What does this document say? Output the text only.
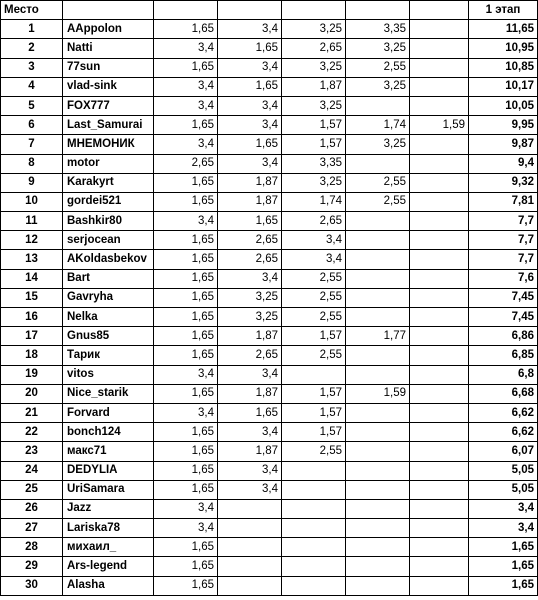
Место							1 этап
1	AAppolon	1,65	3,4	3,25	3,35		11,65
2	Natti	3,4	1,65	2,65	3,25		10,95
3	77sun	1,65	3,4	3,25	2,55		10,85
4	vlad-sink	3,4	1,65	1,87	3,25		10,17
5	FOX777	3,4	3,4	3,25			10,05
6	Last_Samurai	1,65	3,4	1,57	1,74	1,59	9,95
7	МНЕМОНИК	3,4	1,65	1,57	3,25		9,87
8	motor	2,65	3,4	3,35			9,4
9	Karakyrt	1,65	1,87	3,25	2,55		9,32
10	gordei521	1,65	1,87	1,74	2,55		7,81
11	Bashkir80	3,4	1,65	2,65			7,7
12	serjocean	1,65	2,65	3,4			7,7
13	AKoldasbekov	1,65	2,65	3,4			7,7
14	Bart	1,65	3,4	2,55			7,6
15	Gavryha	1,65	3,25	2,55			7,45
16	Nelka	1,65	3,25	2,55			7,45
17	Gnus85	1,65	1,87	1,57	1,77		6,86
18	Тарик	1,65	2,65	2,55			6,85
19	vitos	3,4	3,4				6,8
20	Nice_starik	1,65	1,87	1,57	1,59		6,68
21	Forvard	3,4	1,65	1,57			6,62
22	bonch124	1,65	3,4	1,57			6,62
23	макс71	1,65	1,87	2,55			6,07
24	DEDYLIA	1,65	3,4				5,05
25	UriSamara	1,65	3,4				5,05
26	Jazz	3,4					3,4
27	Lariska78	3,4					3,4
28	михаил_	1,65					1,65
29	Ars-legend	1,65					1,65
30	Alasha	1,65					1,65
